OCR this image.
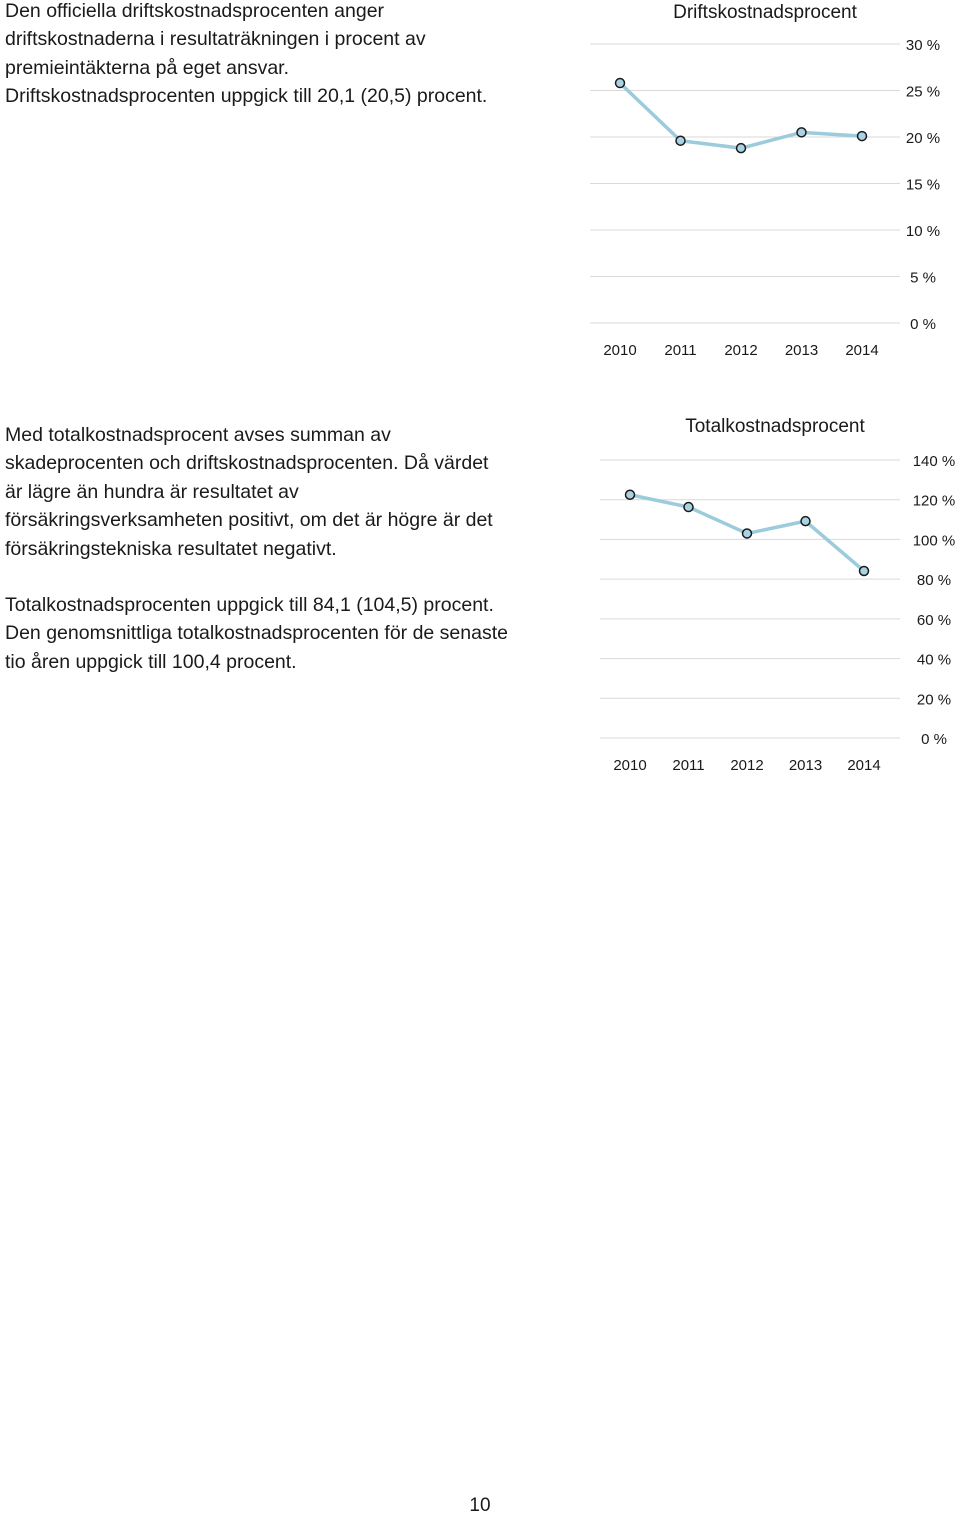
Den officiella driftskostnadsprocenten anger
driftskostnaderna i resultaträkningen i procent av
premieintäkterna på eget ansvar.
Driftskostnadsprocenten uppgick till 20,1 (20,5) procent.
Med totalkostnadsprocent avses summan av
skadeprocenten och driftskostnadsprocenten. Då värdet
är lägre än hundra är resultatet av
försäkringsverksamheten positivt, om det är högre är det
försäkringstekniska resultatet negativt.
Totalkostnadsprocenten uppgick till 84,1 (104,5) procent.
Den genomsnittliga totalkostnadsprocenten för de senaste
tio åren uppgick till 100,4 procent.
Driftskostnadsprocent
0 %
5 %
10 %
15 %
20 %
25 %
30 %
2010 2011 2012 2013 2014
Totalkostnadsprocent
0 %
20 %
40 %
60 %
80 %
100 %
120 %
140 %
2010 2011 2012 2013 2014
10
